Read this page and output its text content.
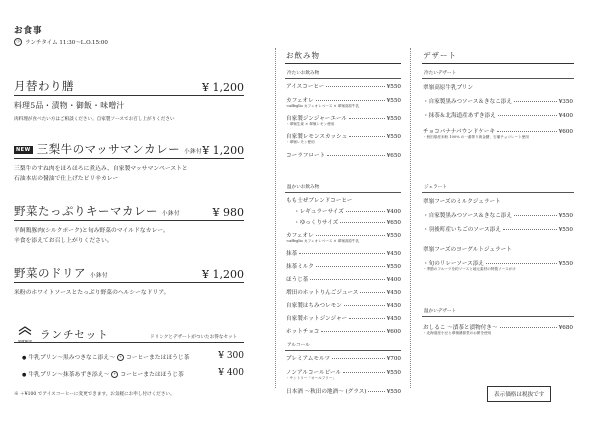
お食事
◷ ランチタイム 11:30〜L.O.15:00
月替わり膳	¥ 1,200
料理5品・漬物・御飯・味噌汁
肉料理が食べたい方はご相談ください。自家製ソースでお召し上がりください
NEW 三梨牛のマッサマンカレー 小鉢付 ¥ 1,200
三梨牛のすね肉をほろほろに煮込み、自家製マッサマンペーストと
石油本店の醤油で仕上げたピリ辛カレー
野菜たっぷりキーマカレー 小鉢付	¥ 980
平飼鶏豚肉(シルクポーク)と旬み野菜のマイルドなカレー。
辛食を添えてお召し上がりください。
野菜のドリア 小鉢付	¥ 1,200
米粉のホワイトソースとたっぷり野菜のヘルシーなドリア。
spruce ランチセット	ドリンクとデザートがついたお得なセット
● 牛乳プリン〜黒みつきなこ添え〜 + コーヒーまたはほうじ茶	¥ 300
● 牛乳プリン〜抹茶あずき添え〜 + コーヒーまたはほうじ茶	¥ 400
※ ＋¥100 でアイスコーヒーに変更できます。お気軽にお申し付けください。
お飲み物
冷たいお飲み物
アイスコーヒー	¥550
カフェオレ	¥550
-caffeglio カフェオレベース × 翠嶺高原牛乳
自家製ジンジャーエール	¥550
・翠嶺生姜 × 翠嶺レモン使用
自家製レモンスカッシュ	¥550
・翠嶺レモン使用
コーラフロート	¥650
温かいお飲み物
もも士ぜブレンドコーヒー
・レギュラーサイズ	¥400
・ゆっくりサイズ	¥650
カフェオレ	¥550
-caffeglio カフェオレベース × 翠嶺高原牛乳
抹茶	¥450
抹茶ミルク	¥550
ほうじ茶	¥400
増田のホットりんごジュース	¥450
自家製はちみつレモン	¥450
自家製ホットジンジャー	¥450
ホットチョコ	¥600
アルコール
プレミアムモルツ	¥700
ノンアルコールビール	¥550
・サントリー「オールフリー」
日本酒 〜秋田の地酒〜 (グラス)	¥550
デザート
冷たいデザート
翠嶺高原牛乳プリン
・自家製黒みつソース＆きなこ添え	¥350
・抹茶＆北海道産あずき添え	¥400
チョコバナナパウンドケーキ	¥600
・秋田県産米粉 100% の一番搾り黄金糖、石備チョコレート使用
ジェラート
翠嶺フーズのミルクジェラート
・自家製黒みつソース＆きなこ添え	¥550
・羽後町産いちごのソース添え	¥550
翠嶺フーズのヨーグルトジェラート
・旬のリレーソース添え	¥550
・季節のフルーツを約ソースと地元素材の特製ソースがけ
温かいデザート
おしるこ 〜漬茶と漬物付き〜	¥680
・北海道産小豆と翠嶺湧源堂のお餅を使用
表示価格は税抜です
